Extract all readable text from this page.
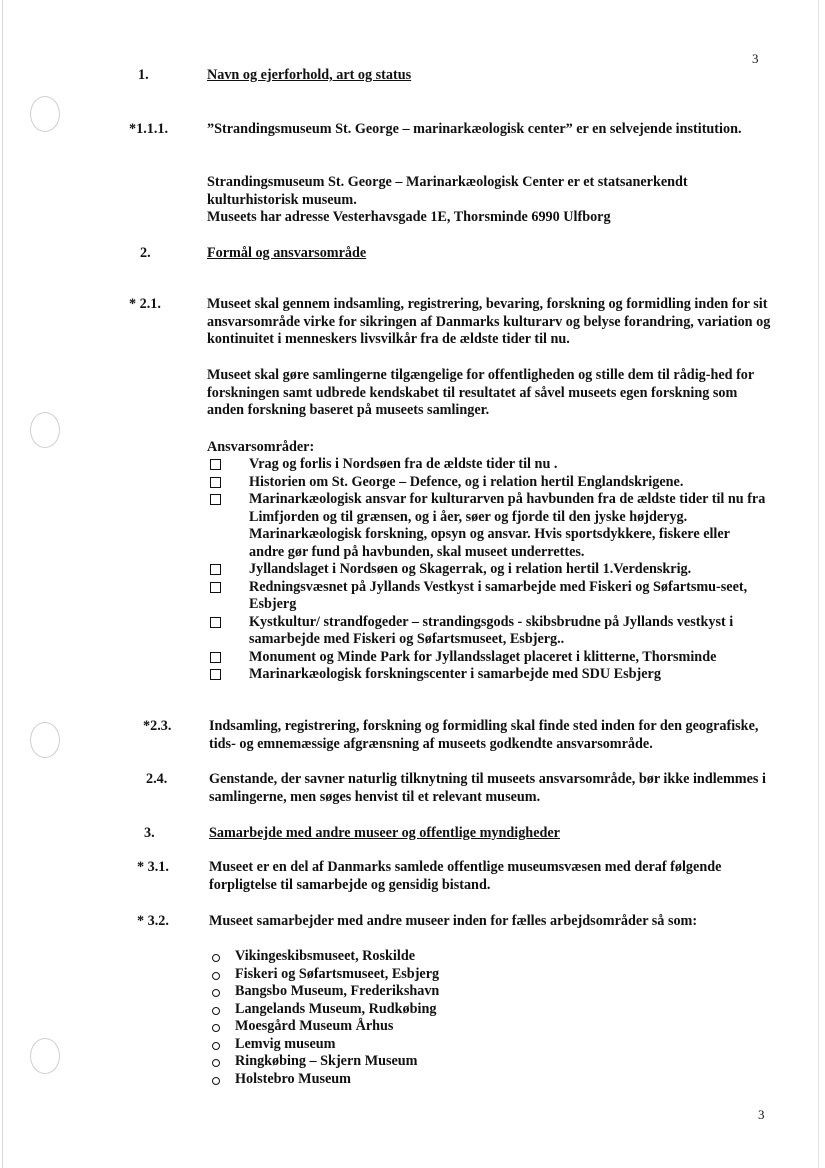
3
1.	Navn og ejerforhold, art og status
*1.1.1.	”Strandingsmuseum St. George – marinarkæologisk center” er en selvejende institution.

Strandingsmuseum St. George – Marinarkæologisk Center er et statsanerkendt kulturhistorisk museum.

Museets har adresse Vesterhavsgade 1E, Thorsminde 6990 Ulfborg

2.	Formål og ansvarsområde
* 2.1.	Museet skal gennem indsamling, registrering, bevaring, forskning og formidling inden for sit ansvarsområde virke for sikringen af Danmarks kulturarv og belyse forandring, variation og kontinuitet i menneskers livsvilkår fra de ældste tider til nu.

Museet skal gøre samlingerne tilgængelige for offentligheden og stille dem til rådig-hed for forskningen samt udbrede kendskabet til resultatet af såvel museets egen forskning som anden forskning baseret på museets samlinger.

Ansvarsområder:
Vrag og forlis i Nordsøen fra de ældste tider til nu .
Historien om St. George – Defence, og i relation hertil Englandskrigene.
Marinarkæologisk ansvar for kulturarven på havbunden fra de ældste tider til nu fra Limfjorden og til grænsen, og i åer, søer og fjorde til den jyske højderyg. Marinarkæologisk forskning, opsyn og ansvar. Hvis sportsdykkere, fiskere eller andre gør fund på havbunden, skal museet underrettes.
Jyllandslaget i Nordsøen og Skagerrak, og i relation hertil 1.Verdenskrig.
Redningsvæsnet på Jyllands Vestkyst i samarbejde med Fiskeri og Søfartsmu-seet, Esbjerg
Kystkultur/ strandfogeder – strandingsgods - skibsbrudne på Jyllands vestkyst i samarbejde med Fiskeri og Søfartsmuseet, Esbjerg..
Monument og Minde Park for Jyllandsslaget placeret i klitterne, Thorsminde
Marinarkæologisk forskningscenter i samarbejde med SDU Esbjerg
*2.3.	Indsamling, registrering, forskning og formidling skal finde sted inden for den geografiske, tids- og emnemæssige afgrænsning af museets godkendte ansvarsområde.
2.4.	Genstande, der savner naturlig tilknytning til museets ansvarsområde, bør ikke indlemmes i samlingerne, men søges henvist til et relevant museum.
3.	Samarbejde med andre museer og offentlige myndigheder
* 3.1.	Museet er en del af Danmarks samlede offentlige museumsvæsen med deraf følgende forpligtelse til samarbejde og gensidig bistand.
* 3.2.	Museet samarbejder med andre museer inden for fælles arbejdsområder så som:
Vikingeskibsmuseet, Roskilde
Fiskeri og Søfartsmuseet, Esbjerg
Bangsbo Museum, Frederikshavn
Langelands Museum, Rudkøbing
Moesgård Museum Århus
Lemvig museum
Ringkøbing – Skjern Museum
Holstebro Museum
3
